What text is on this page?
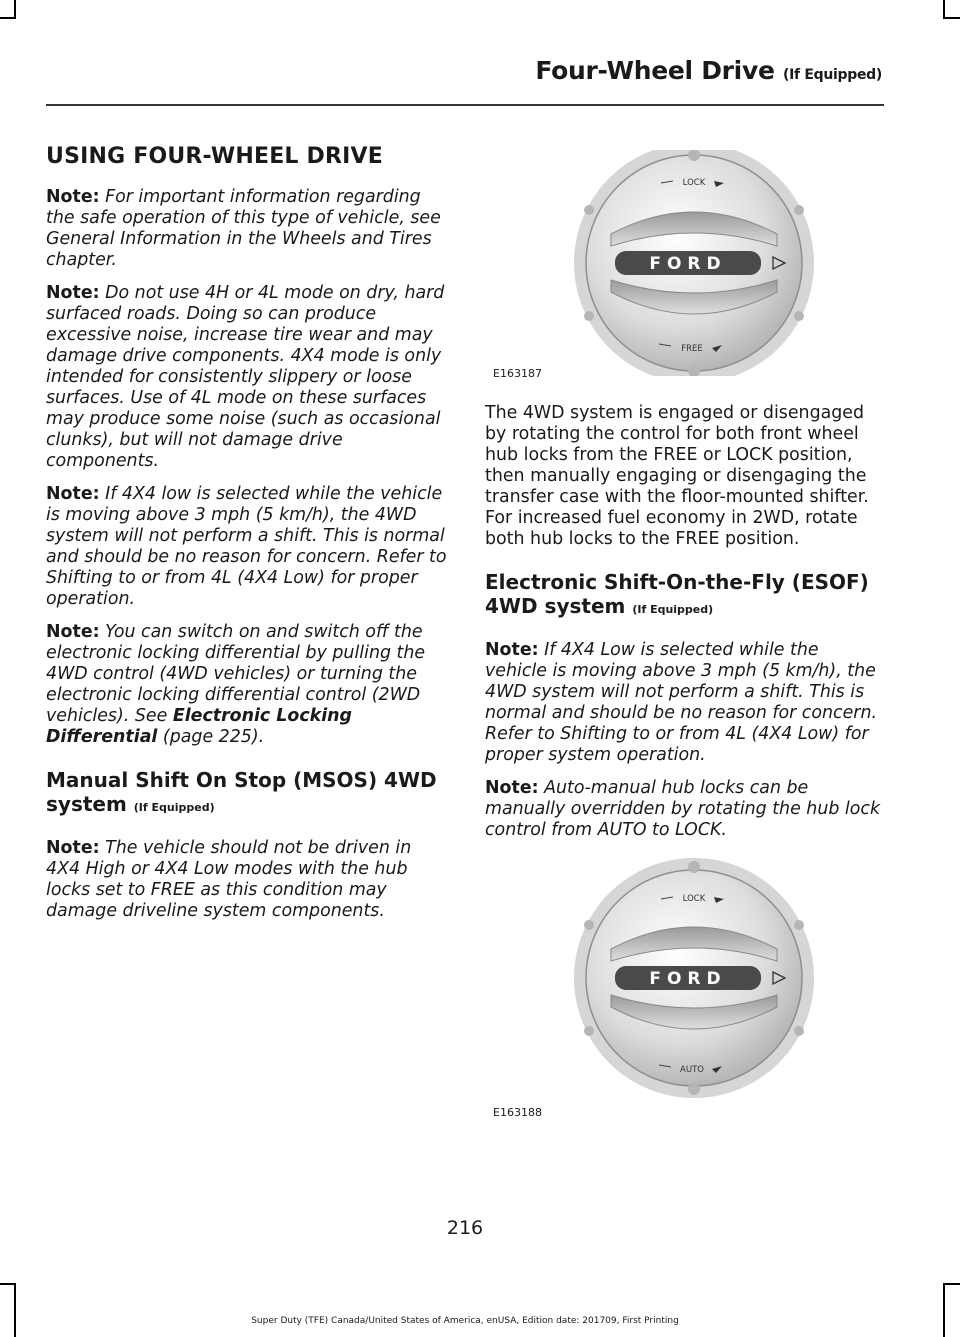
Four-Wheel Drive (If Equipped)
USING FOUR-WHEEL DRIVE

Note: For important information regarding the safe operation of this type of vehicle, see General Information in the Wheels and Tires chapter.

Note: Do not use 4H or 4L mode on dry, hard surfaced roads. Doing so can produce excessive noise, increase tire wear and may damage drive components. 4X4 mode is only intended for consistently slippery or loose surfaces. Use of 4L mode on these surfaces may produce some noise (such as occasional clunks), but will not damage drive components.

Note: If 4X4 low is selected while the vehicle is moving above 3 mph (5 km/h), the 4WD system will not perform a shift. This is normal and should be no reason for concern. Refer to Shifting to or from 4L (4X4 Low) for proper operation.

Note: You can switch on and switch off the electronic locking differential by pulling the 4WD control (4WD vehicles) or turning the electronic locking differential control (2WD vehicles). See Electronic Locking Differential (page 225).

Manual Shift On Stop (MSOS) 4WD system (If Equipped)

Note: The vehicle should not be driven in 4X4 High or 4X4 Low modes with the hub locks set to FREE as this condition may damage driveline system components.

FORD
LOCK
FREE
E163187

The 4WD system is engaged or disengaged by rotating the control for both front wheel hub locks from the FREE or LOCK position, then manually engaging or disengaging the transfer case with the floor-mounted shifter. For increased fuel economy in 2WD, rotate both hub locks to the FREE position.

Electronic Shift-On-the-Fly (ESOF) 4WD system (If Equipped)

Note: If 4X4 Low is selected while the vehicle is moving above 3 mph (5 km/h), the 4WD system will not perform a shift. This is normal and should be no reason for concern. Refer to Shifting to or from 4L (4X4 Low) for proper system operation.

Note: Auto-manual hub locks can be manually overridden by rotating the hub lock control from AUTO to LOCK.

FORD
LOCK
AUTO
E163188
216
Super Duty (TFE) Canada/United States of America, enUSA, Edition date: 201709, First Printing
